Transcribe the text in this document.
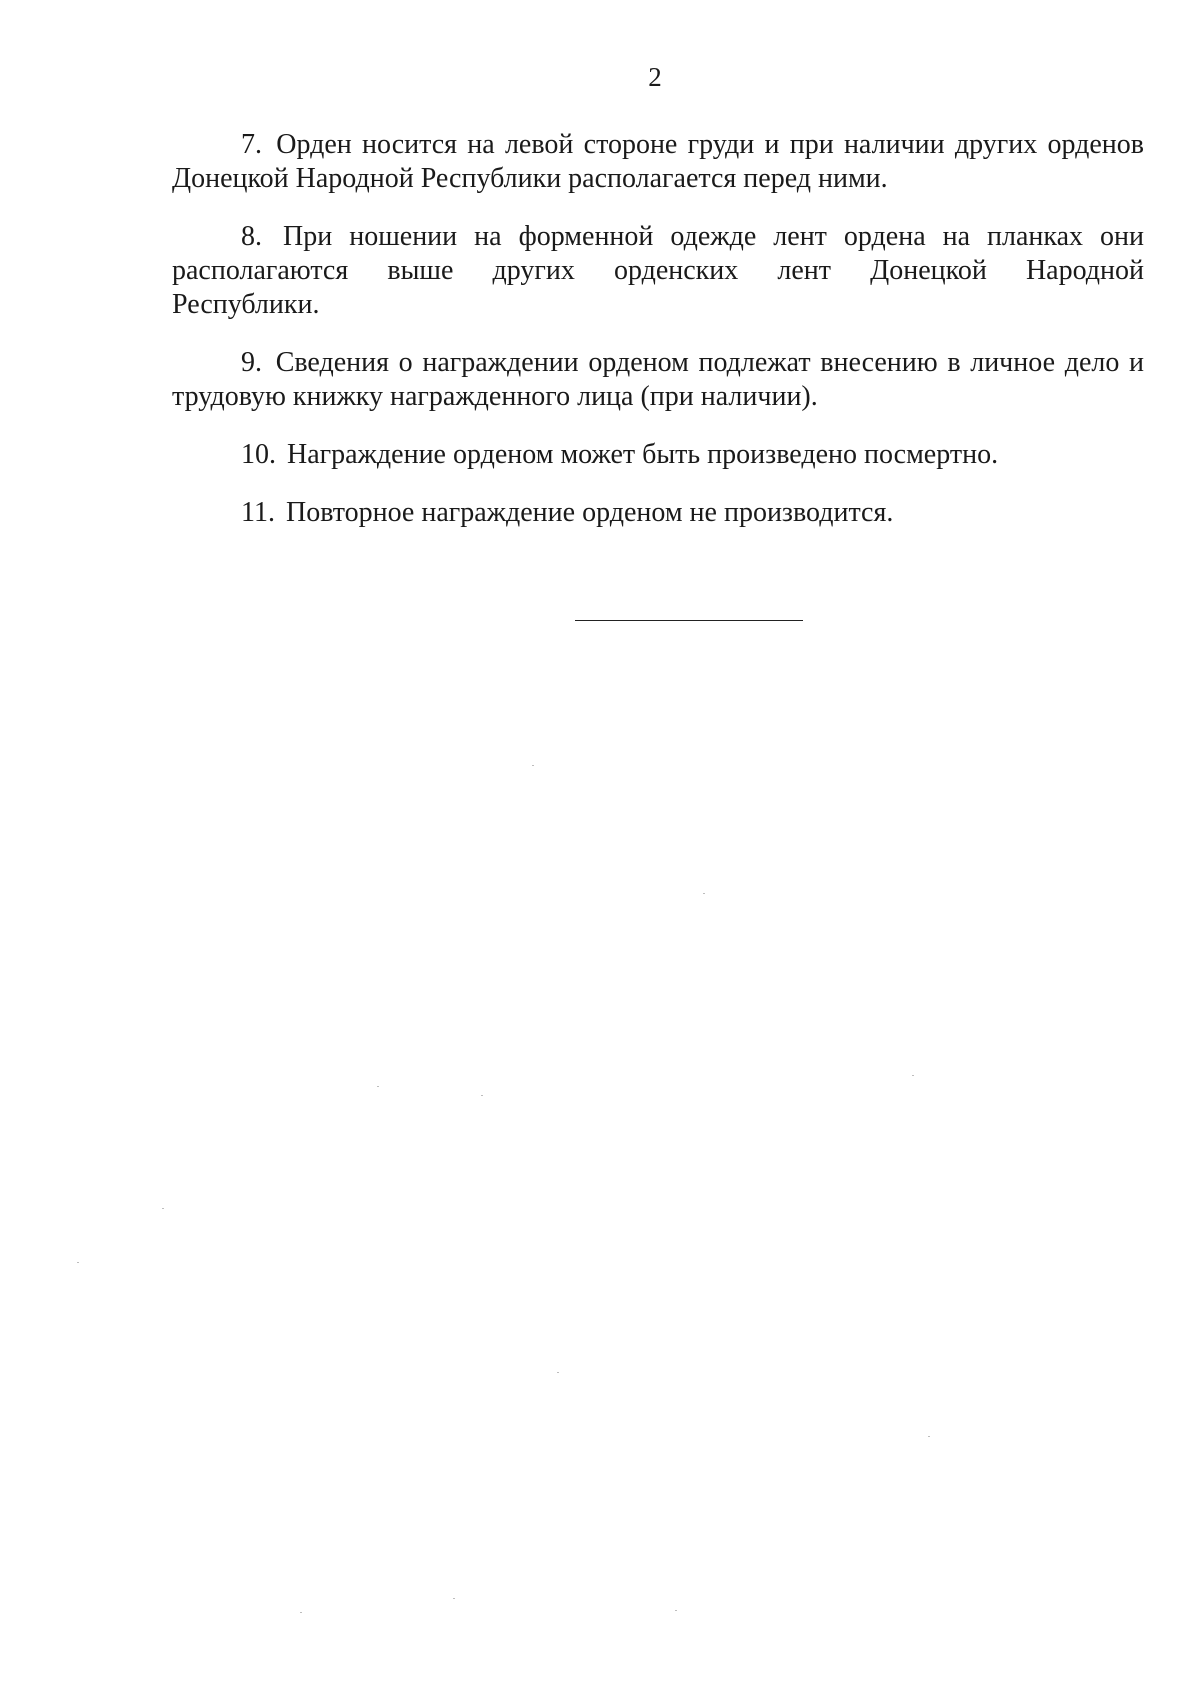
2

7. Орден носится на левой стороне груди и при наличии других орденов Донецкой Народной Республики располагается перед ними.

8. При ношении на форменной одежде лент ордена на планках они располагаются выше других орденских лент Донецкой Народной Республики.

9. Сведения о награждении орденом подлежат внесению в личное дело и трудовую книжку награжденного лица (при наличии).

10. Награждение орденом может быть произведено посмертно.

11. Повторное награждение орденом не производится.
